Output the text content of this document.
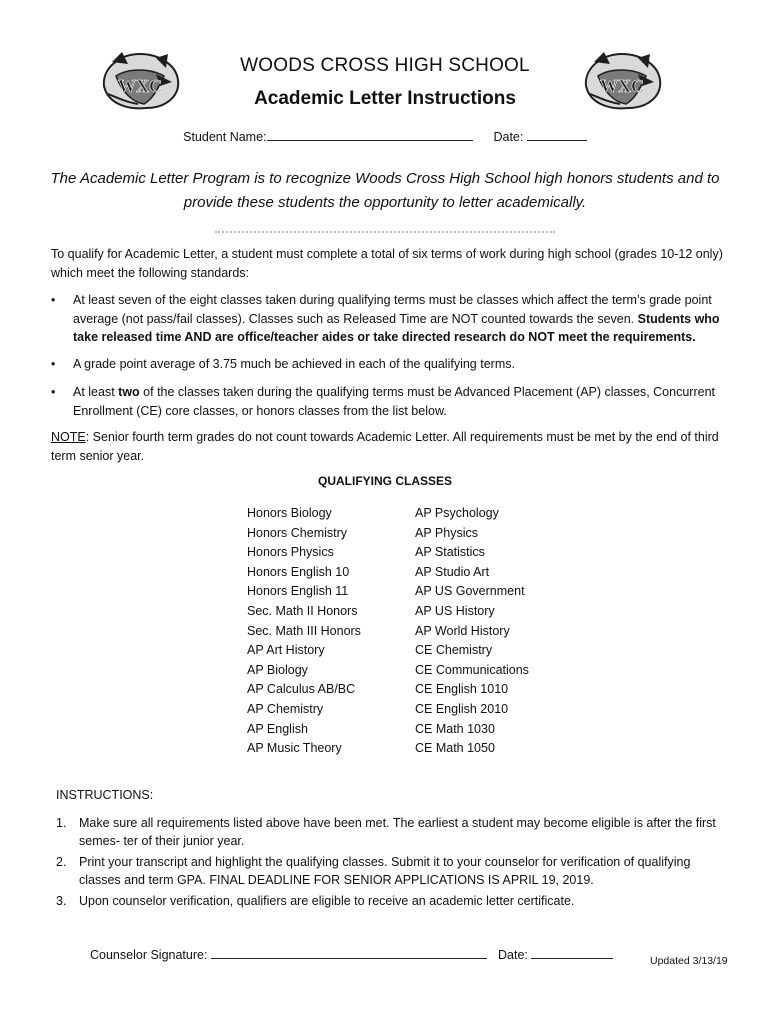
WXC	WXC
WOODS CROSS HIGH SCHOOL
Academic Letter Instructions
Student Name:	Date:
The Academic Letter Program is to recognize Woods Cross High School high honors students and to provide these students the opportunity to letter academically.
To qualify for Academic Letter, a student must complete a total of six terms of work during high school (grades 10-12 only) which meet the following standards:
• At least seven of the eight classes taken during qualifying terms must be classes which affect the term’s grade point average (not pass/fail classes). Classes such as Released Time are NOT counted towards the seven. Students who take released time AND are office/teacher aides or take directed research do NOT meet the requirements.
• A grade point average of 3.75 much be achieved in each of the qualifying terms.
• At least two of the classes taken during the qualifying terms must be Advanced Placement (AP) classes, Concurrent Enrollment (CE) core classes, or honors classes from the list below.
NOTE: Senior fourth term grades do not count towards Academic Letter. All requirements must be met by the end of third term senior year.
QUALIFYING CLASSES
Honors Biology
Honors Chemistry
Honors Physics
Honors English 10
Honors English 11
Sec. Math II Honors
Sec. Math III Honors
AP Art History
AP Biology
AP Calculus AB/BC
AP Chemistry
AP English
AP Music Theory
AP Psychology
AP Physics
AP Statistics
AP Studio Art
AP US Government
AP US History
AP World History
CE Chemistry
CE Communications
CE English 1010
CE English 2010
CE Math 1030
CE Math 1050
INSTRUCTIONS:
1. Make sure all requirements listed above have been met. The earliest a student may become eligible is after the first semes- ter of their junior year.
2. Print your transcript and highlight the qualifying classes. Submit it to your counselor for verification of qualifying classes and term GPA. FINAL DEADLINE FOR SENIOR APPLICATIONS IS APRIL 19, 2019.
3. Upon counselor verification, qualifiers are eligible to receive an academic letter certificate.
Counselor Signature:	Date:	Updated 3/13/19
